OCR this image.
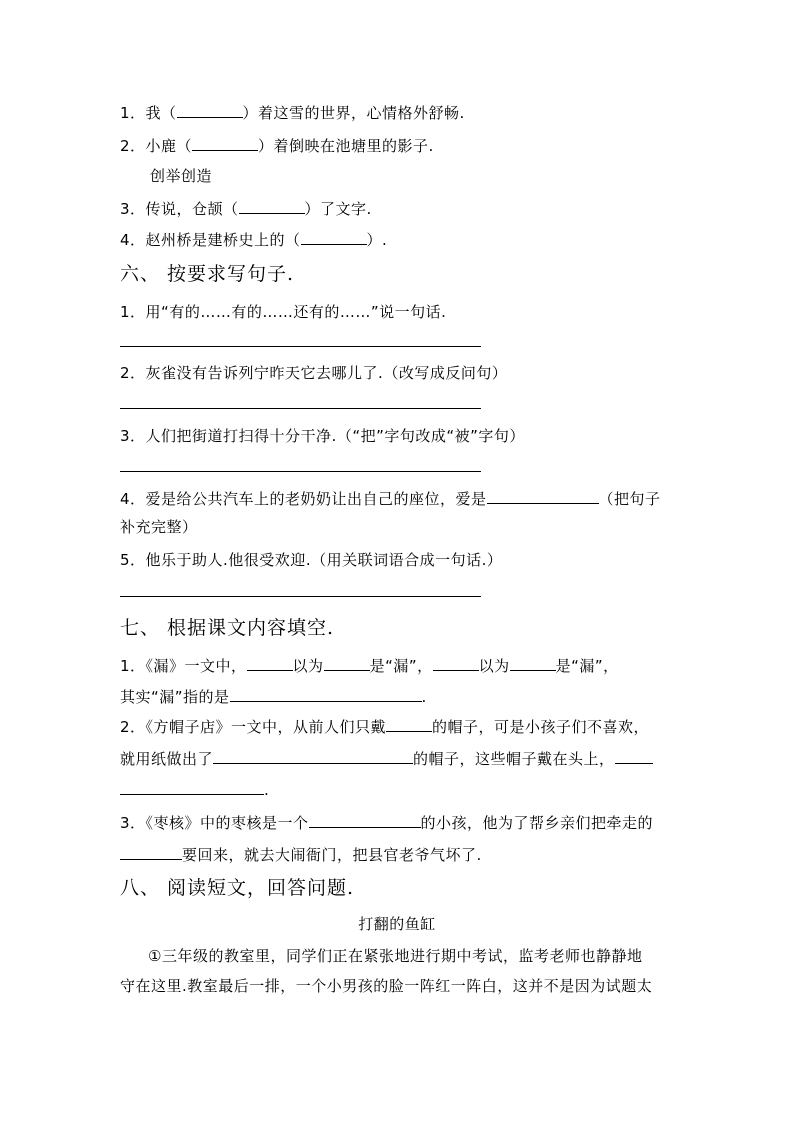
1．我（	）着这雪的世界，心情格外舒畅.
2．小鹿（	）着倒映在池塘里的影子.
创举创造
3．传说，仓颉（	）了文字.
4．赵州桥是建桥史上的（	）.
六、 按要求写句子.
1．用“有的……有的……还有的……”说一句话.
2．灰雀没有告诉列宁昨天它去哪儿了.（改写成反问句）
3．人们把街道打扫得十分干净.（“把”字句改成“被”字句）
4．爱是给公共汽车上的老奶奶让出自己的座位，爱是	（把句子
补充完整）
5．他乐于助人.他很受欢迎.（用关联词语合成一句话.）
七、 根据课文内容填空.
1．《漏》一文中，	以为	是“漏”，	以为	是“漏”，
其实“漏”指的是	.
2．《方帽子店》一文中，从前人们只戴	的帽子，可是小孩子们不喜欢，
就用纸做出了	的帽子，这些帽子戴在头上，
.
3．《枣核》中的枣核是一个	的小孩，他为了帮乡亲们把牵走的
要回来，就去大闹衙门，把县官老爷气坏了.
八、 阅读短文，回答问题.
打翻的鱼缸
①三年级的教室里，同学们正在紧张地进行期中考试，监考老师也静静地
守在这里.教室最后一排，一个小男孩的脸一阵红一阵白，这并不是因为试题太
